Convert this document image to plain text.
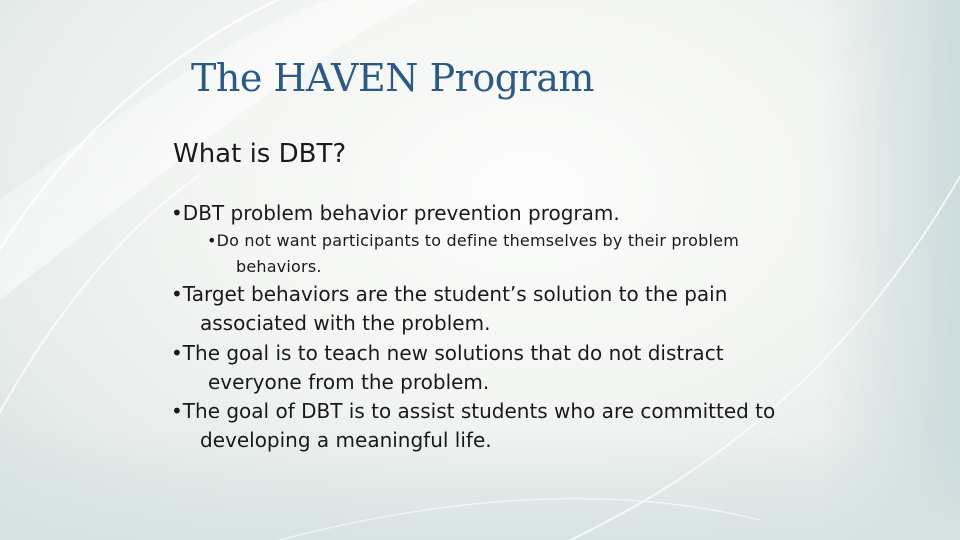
The HAVEN Program
What is DBT?
•DBT problem behavior prevention program.
•Do not want participants to define themselves by their problem
behaviors.
•Target behaviors are the student’s solution to the pain
associated with the problem.
•The goal is to teach new solutions that do not distract
everyone from the problem.
•The goal of DBT is to assist students who are committed to
developing a meaningful life.
